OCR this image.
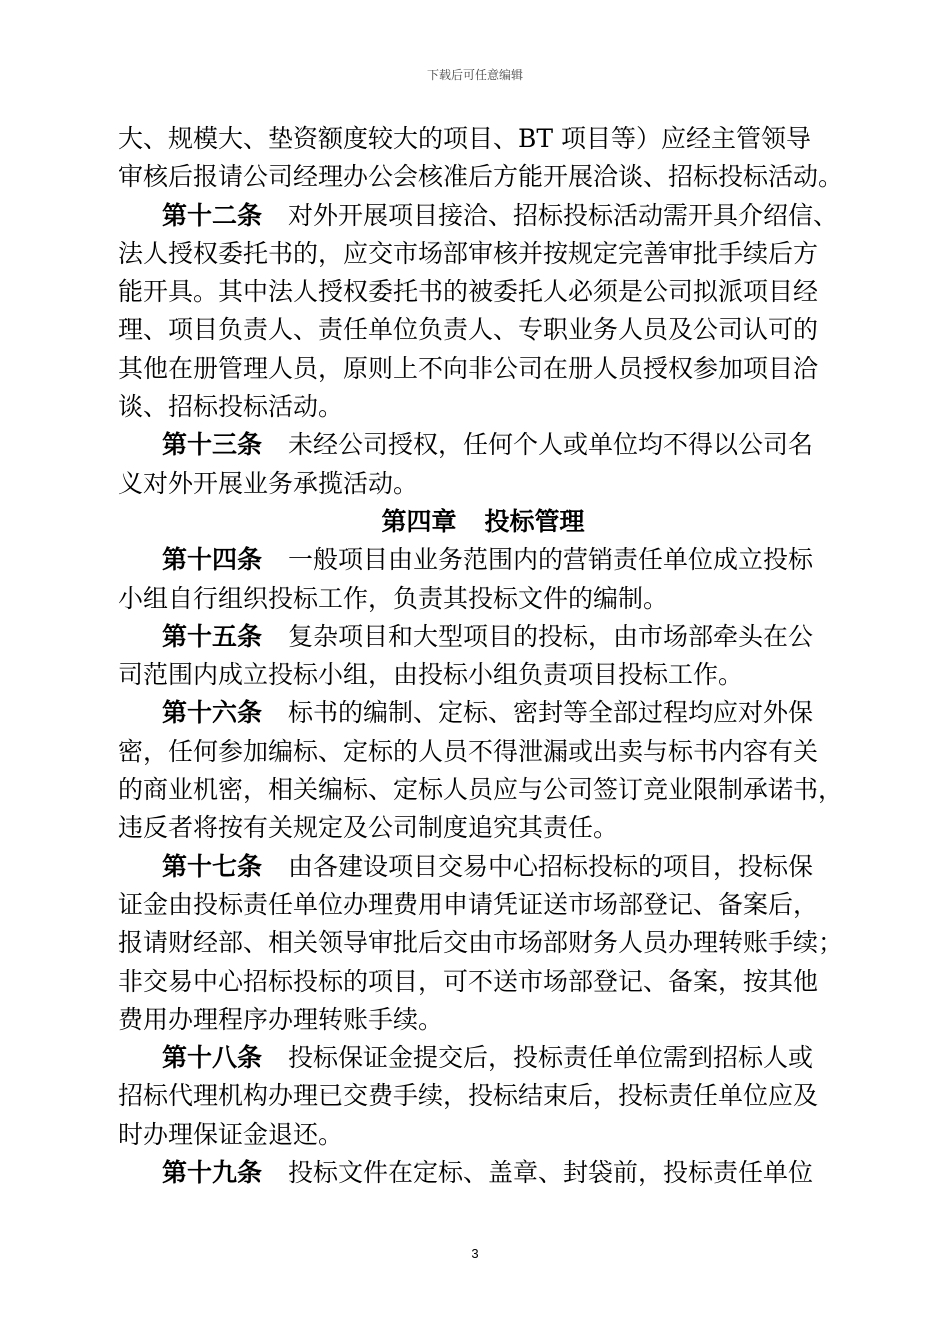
下载后可任意编辑
大、规模大、垫资额度较大的项目、BT 项目等）应经主管领导
审核后报请公司经理办公会核准后方能开展洽谈、招标投标活动。
第十二条 对外开展项目接洽、招标投标活动需开具介绍信、
法人授权委托书的，应交市场部审核并按规定完善审批手续后方
能开具。其中法人授权委托书的被委托人必须是公司拟派项目经
理、项目负责人、责任单位负责人、专职业务人员及公司认可的
其他在册管理人员，原则上不向非公司在册人员授权参加项目洽
谈、招标投标活动。
第十三条 未经公司授权，任何个人或单位均不得以公司名
义对外开展业务承揽活动。
第四章 投标管理
第十四条 一般项目由业务范围内的营销责任单位成立投标
小组自行组织投标工作，负责其投标文件的编制。
第十五条 复杂项目和大型项目的投标，由市场部牵头在公
司范围内成立投标小组，由投标小组负责项目投标工作。
第十六条 标书的编制、定标、密封等全部过程均应对外保
密，任何参加编标、定标的人员不得泄漏或出卖与标书内容有关
的商业机密，相关编标、定标人员应与公司签订竞业限制承诺书，
违反者将按有关规定及公司制度追究其责任。
第十七条 由各建设项目交易中心招标投标的项目，投标保
证金由投标责任单位办理费用申请凭证送市场部登记、备案后，
报请财经部、相关领导审批后交由市场部财务人员办理转账手续；
非交易中心招标投标的项目，可不送市场部登记、备案，按其他
费用办理程序办理转账手续。
第十八条 投标保证金提交后，投标责任单位需到招标人或
招标代理机构办理已交费手续，投标结束后，投标责任单位应及
时办理保证金退还。
第十九条 投标文件在定标、盖章、封袋前，投标责任单位
3
